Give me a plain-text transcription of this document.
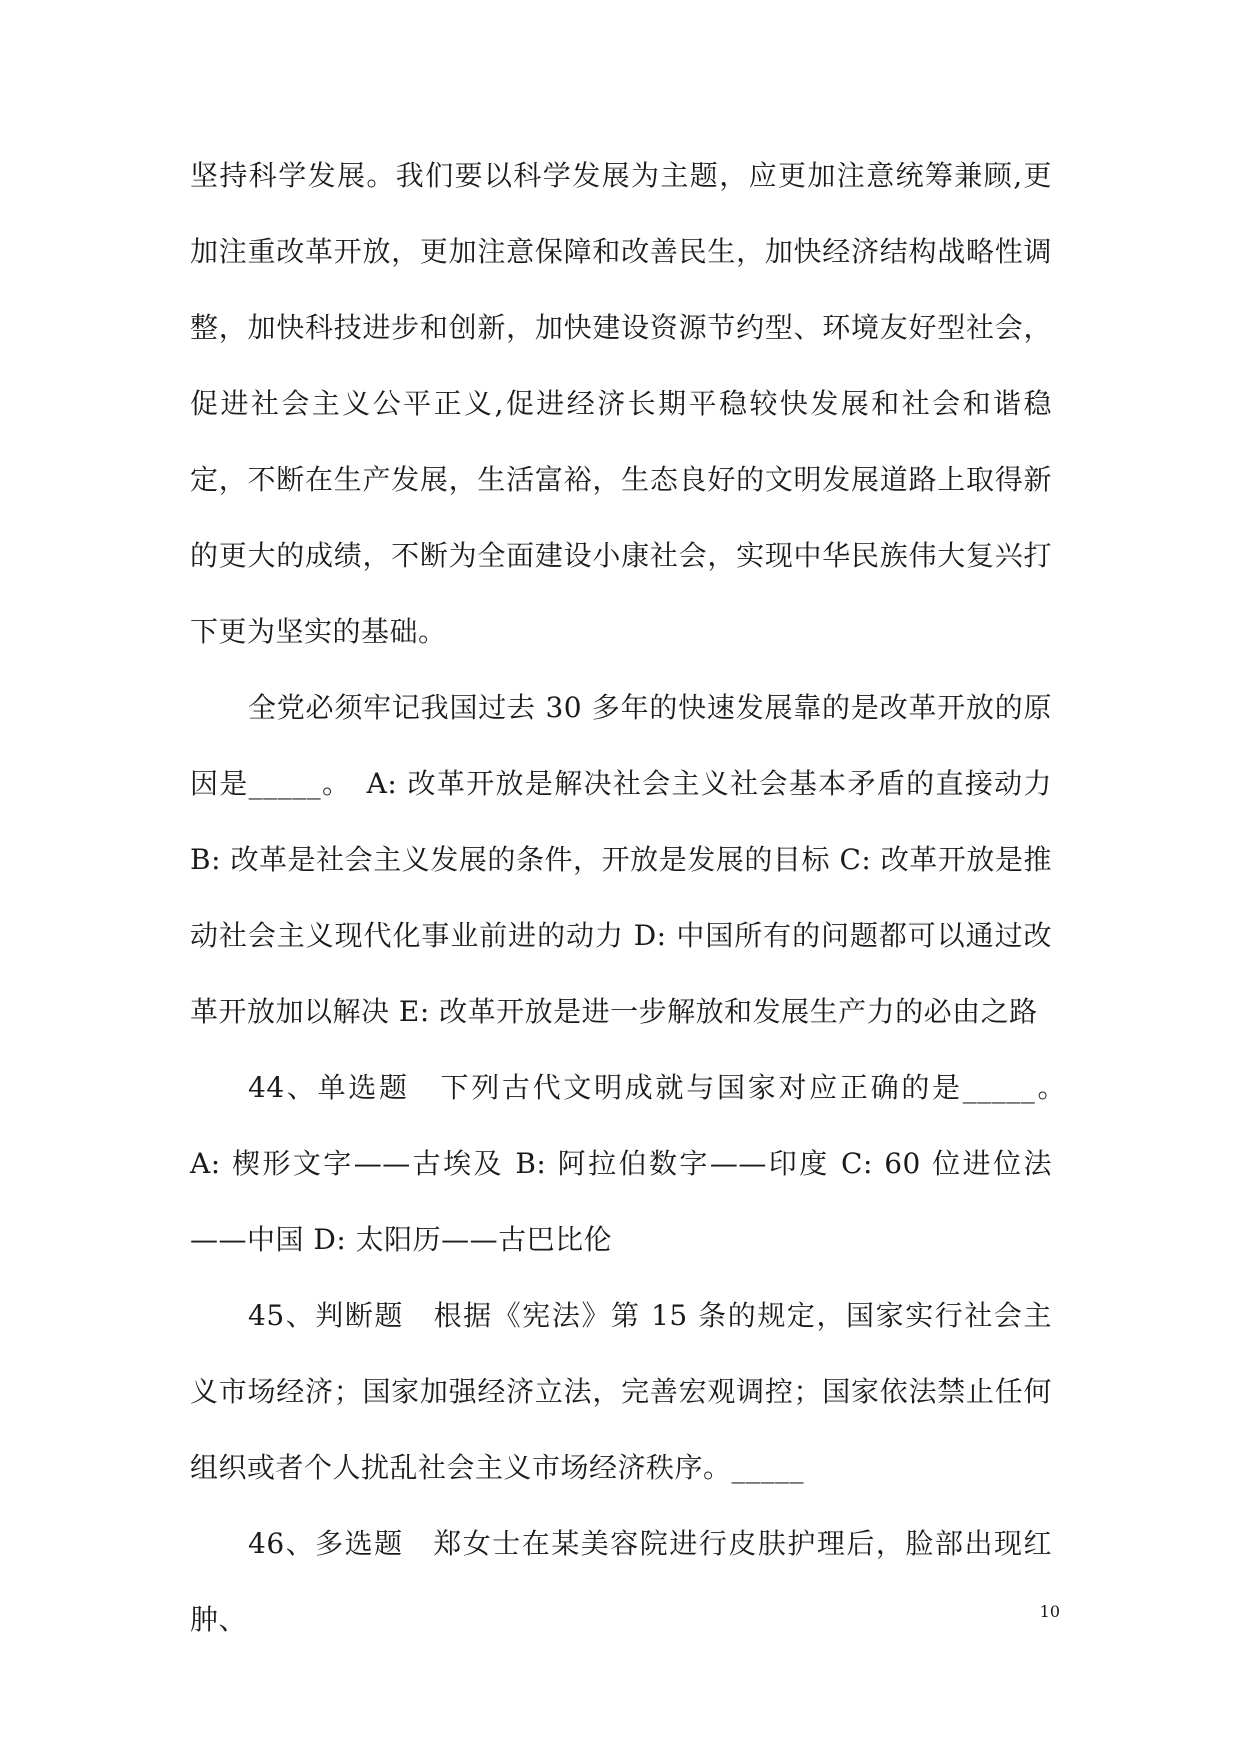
坚持科学发展。我们要以科学发展为主题，应更加注意统筹兼顾,更加注重改革开放，更加注意保障和改善民生，加快经济结构战略性调整，加快科技进步和创新，加快建设资源节约型、环境友好型社会，促进社会主义公平正义,促进经济长期平稳较快发展和社会和谐稳定，不断在生产发展，生活富裕，生态良好的文明发展道路上取得新的更大的成绩，不断为全面建设小康社会，实现中华民族伟大复兴打下更为坚实的基础。

全党必须牢记我国过去 30 多年的快速发展靠的是改革开放的原因是_____。　A: 改革开放是解决社会主义社会基本矛盾的直接动力 B: 改革是社会主义发展的条件，开放是发展的目标 C: 改革开放是推动社会主义现代化事业前进的动力 D: 中国所有的问题都可以通过改革开放加以解决 E: 改革开放是进一步解放和发展生产力的必由之路

44、单选题　下列古代文明成就与国家对应正确的是_____。　A: 楔形文字——古埃及 B: 阿拉伯数字——印度 C: 60 位进位法——中国 D: 太阳历——古巴比伦

45、判断题　根据《宪法》第 15 条的规定，国家实行社会主义市场经济；国家加强经济立法，完善宏观调控；国家依法禁止任何组织或者个人扰乱社会主义市场经济秩序。_____

46、多选题　郑女士在某美容院进行皮肤护理后，脸部出现红肿、	10
